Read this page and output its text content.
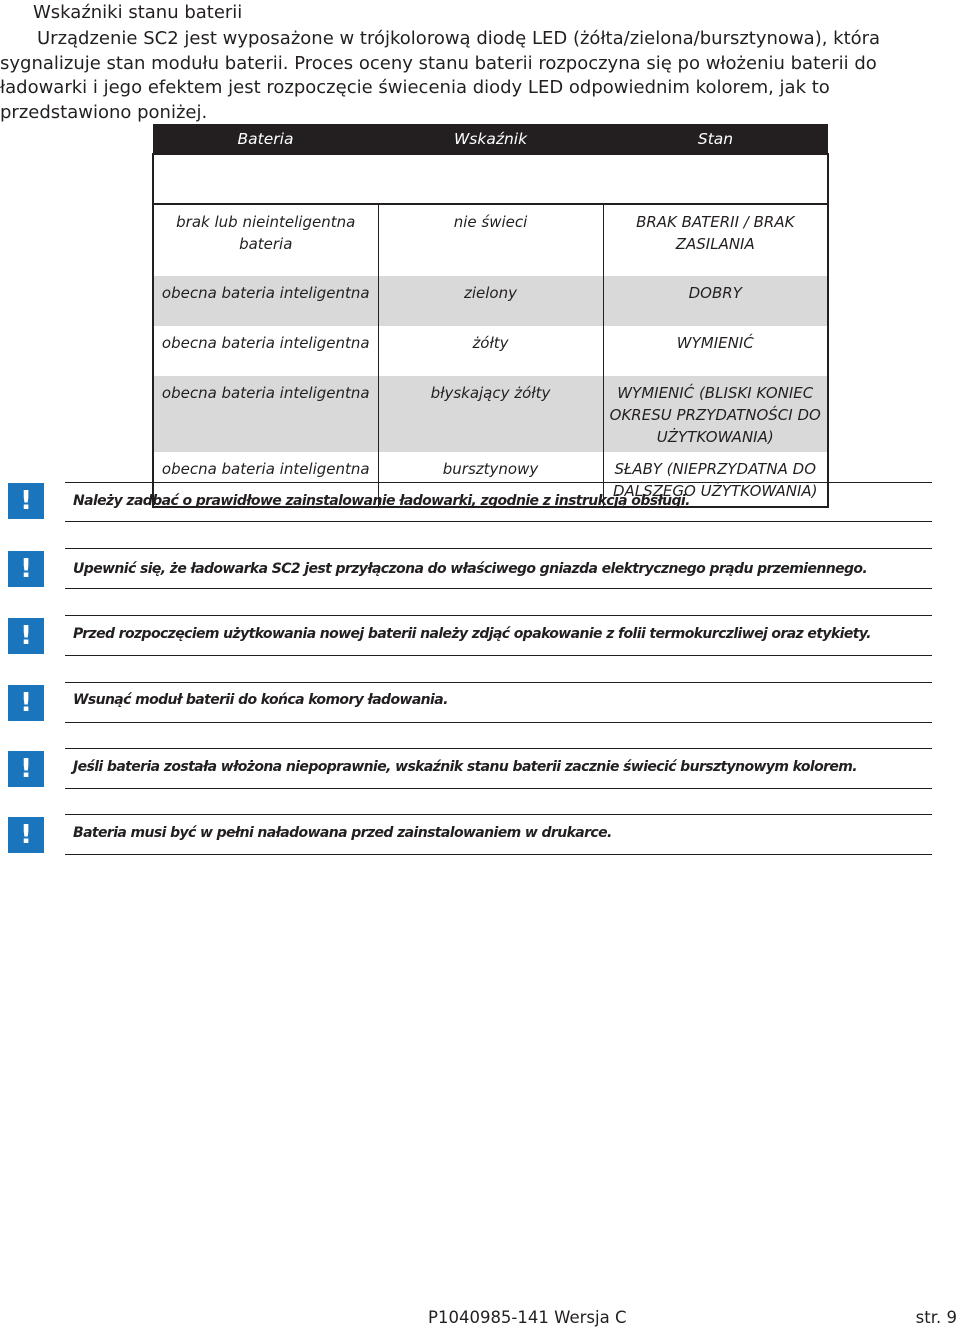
Wskaźniki stanu baterii

Urządzenie SC2 jest wyposażone w trójkolorową diodę LED (żółta/zielona/bursztynowa), która sygnalizuje stan modułu baterii. Proces oceny stanu baterii rozpoczyna się po włożeniu baterii do ładowarki i jego efektem jest rozpoczęcie świecenia diody LED odpowiednim kolorem, jak to przedstawiono poniżej.

Bateria	Wskaźnik	Stan

brak lub nieinteligentna bateria	nie świeci	BRAK BATERII / BRAK ZASILANIA
obecna bateria inteligentna	zielony	DOBRY
obecna bateria inteligentna	żółty	WYMIENIĆ
obecna bateria inteligentna	błyskający żółty	WYMIENIĆ (BLISKI KONIEC OKRESU PRZYDATNOŚCI DO UŻYTKOWANIA)
obecna bateria inteligentna	bursztynowy	SŁABY (NIEPRZYDATNA DO DALSZEGO UŻYTKOWANIA)
!	Należy zadbać o prawidłowe zainstalowanie ładowarki, zgodnie z instrukcją obsługi.
!	Upewnić się, że ładowarka SC2 jest przyłączona do właściwego gniazda elektrycznego prądu przemiennego.
!	Przed rozpoczęciem użytkowania nowej baterii należy zdjąć opakowanie z folii termokurczliwej oraz etykiety.
!	Wsunąć moduł baterii do końca komory ładowania.
!	Jeśli bateria została włożona niepoprawnie, wskaźnik stanu baterii zacznie świecić bursztynowym kolorem.
!	Bateria musi być w pełni naładowana przed zainstalowaniem w drukarce.
P1040985-141 Wersja C	str. 9
